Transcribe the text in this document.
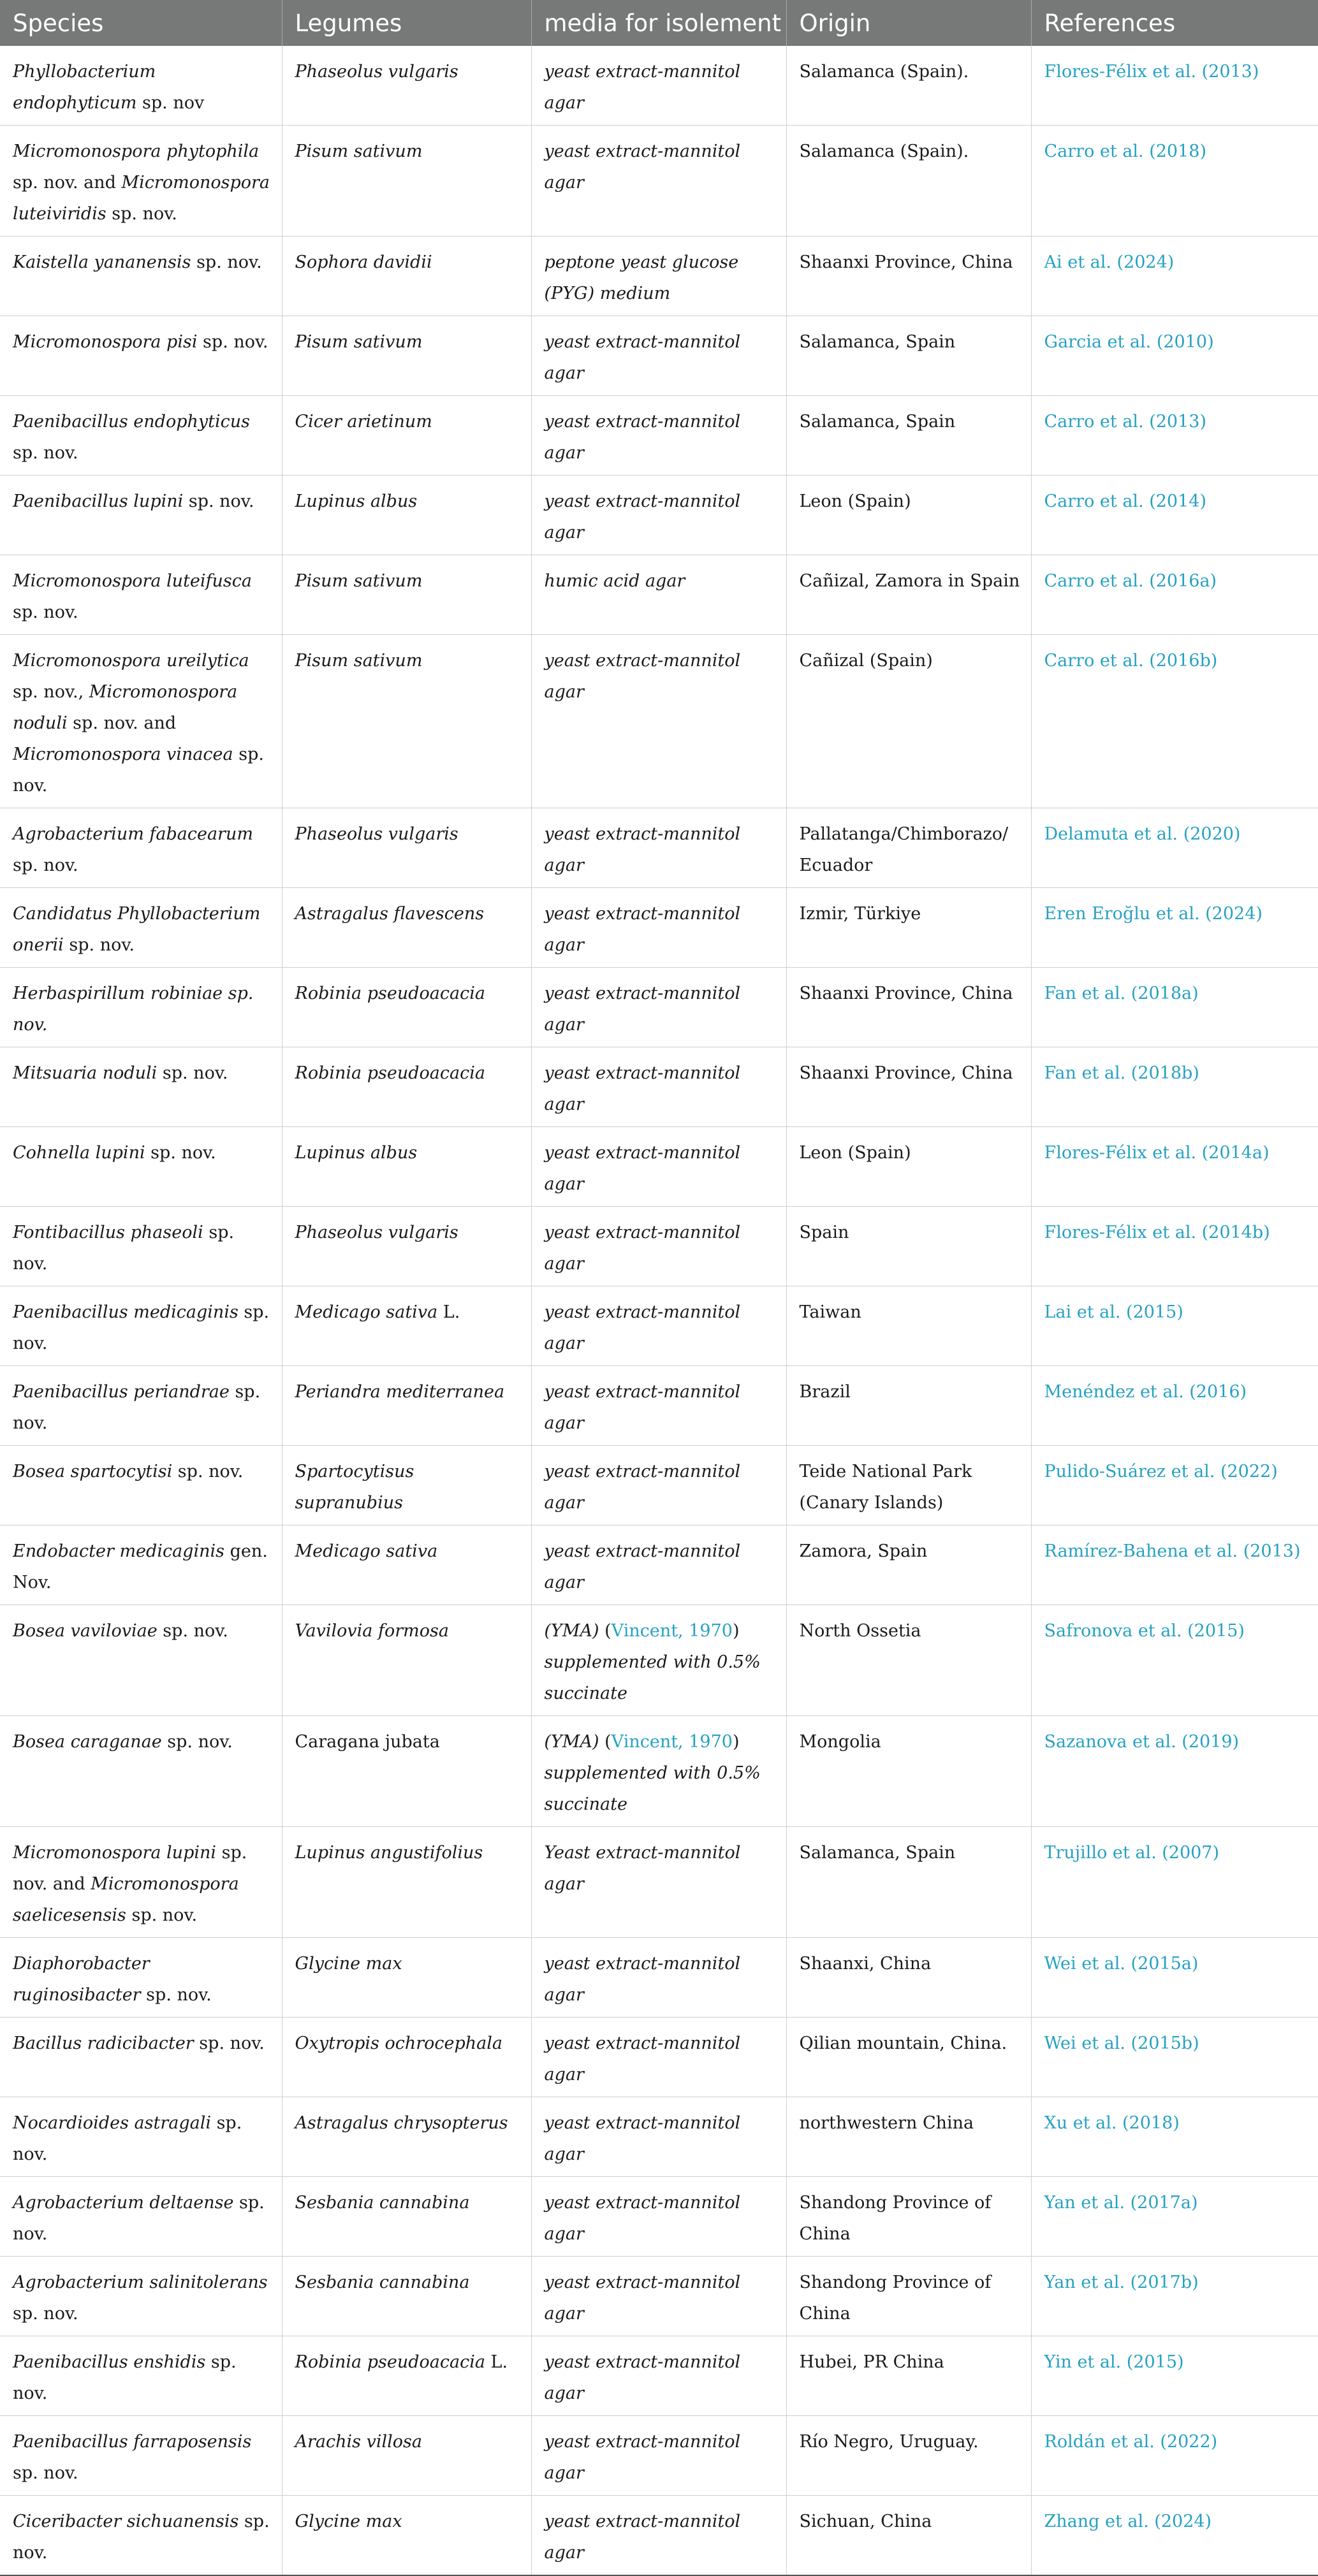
Species	Legumes	media for isolement	Origin	References
Phyllobacterium endophyticum sp. nov	Phaseolus vulgaris	yeast extract-mannitol agar	Salamanca (Spain).	Flores-Félix et al. (2013)
Micromonospora phytophila sp. nov. and Micromonospora luteiviridis sp. nov.	Pisum sativum	yeast extract-mannitol agar	Salamanca (Spain).	Carro et al. (2018)
Kaistella yananensis sp. nov.	Sophora davidii	peptone yeast glucose (PYG) medium	Shaanxi Province, China	Ai et al. (2024)
Micromonospora pisi sp. nov.	Pisum sativum	yeast extract-mannitol agar	Salamanca, Spain	Garcia et al. (2010)
Paenibacillus endophyticus sp. nov.	Cicer arietinum	yeast extract-mannitol agar	Salamanca, Spain	Carro et al. (2013)
Paenibacillus lupini sp. nov.	Lupinus albus	yeast extract-mannitol agar	Leon (Spain)	Carro et al. (2014)
Micromonospora luteifusca sp. nov.	Pisum sativum	humic acid agar	Cañizal, Zamora in Spain	Carro et al. (2016a)
Micromonospora ureilytica sp. nov., Micromonospora noduli sp. nov. and Micromonospora vinacea sp. nov.	Pisum sativum	yeast extract-mannitol agar	Cañizal (Spain)	Carro et al. (2016b)
Agrobacterium fabacearum sp. nov.	Phaseolus vulgaris	yeast extract-mannitol agar	Pallatanga/Chimborazo/ Ecuador	Delamuta et al. (2020)
Candidatus Phyllobacterium onerii sp. nov.	Astragalus flavescens	yeast extract-mannitol agar	Izmir, Türkiye	Eren Eroğlu et al. (2024)
Herbaspirillum robiniae sp. nov.	Robinia pseudoacacia	yeast extract-mannitol agar	Shaanxi Province, China	Fan et al. (2018a)
Mitsuaria noduli sp. nov.	Robinia pseudoacacia	yeast extract-mannitol agar	Shaanxi Province, China	Fan et al. (2018b)
Cohnella lupini sp. nov.	Lupinus albus	yeast extract-mannitol agar	Leon (Spain)	Flores-Félix et al. (2014a)
Fontibacillus phaseoli sp. nov.	Phaseolus vulgaris	yeast extract-mannitol agar	Spain	Flores-Félix et al. (2014b)
Paenibacillus medicaginis sp. nov.	Medicago sativa L.	yeast extract-mannitol agar	Taiwan	Lai et al. (2015)
Paenibacillus periandrae sp. nov.	Periandra mediterranea	yeast extract-mannitol agar	Brazil	Menéndez et al. (2016)
Bosea spartocytisi sp. nov.	Spartocytisus supranubius	yeast extract-mannitol agar	Teide National Park (Canary Islands)	Pulido-Suárez et al. (2022)
Endobacter medicaginis gen. Nov.	Medicago sativa	yeast extract-mannitol agar	Zamora, Spain	Ramírez-Bahena et al. (2013)
Bosea vaviloviae sp. nov.	Vavilovia formosa	(YMA) (Vincent, 1970) supplemented with 0.5% succinate	North Ossetia	Safronova et al. (2015)
Bosea caraganae sp. nov.	Caragana jubata	(YMA) (Vincent, 1970) supplemented with 0.5% succinate	Mongolia	Sazanova et al. (2019)
Micromonospora lupini sp. nov. and Micromonospora saelicesensis sp. nov.	Lupinus angustifolius	Yeast extract-mannitol agar	Salamanca, Spain	Trujillo et al. (2007)
Diaphorobacter ruginosibacter sp. nov.	Glycine max	yeast extract-mannitol agar	Shaanxi, China	Wei et al. (2015a)
Bacillus radicibacter sp. nov.	Oxytropis ochrocephala	yeast extract-mannitol agar	Qilian mountain, China.	Wei et al. (2015b)
Nocardioides astragali sp. nov.	Astragalus chrysopterus	yeast extract-mannitol agar	northwestern China	Xu et al. (2018)
Agrobacterium deltaense sp. nov.	Sesbania cannabina	yeast extract-mannitol agar	Shandong Province of China	Yan et al. (2017a)
Agrobacterium salinitolerans sp. nov.	Sesbania cannabina	yeast extract-mannitol agar	Shandong Province of China	Yan et al. (2017b)
Paenibacillus enshidis sp. nov.	Robinia pseudoacacia L.	yeast extract-mannitol agar	Hubei, PR China	Yin et al. (2015)
Paenibacillus farraposensis sp. nov.	Arachis villosa	yeast extract-mannitol agar	Río Negro, Uruguay.	Roldán et al. (2022)
Ciceribacter sichuanensis sp. nov.	Glycine max	yeast extract-mannitol agar	Sichuan, China	Zhang et al. (2024)
